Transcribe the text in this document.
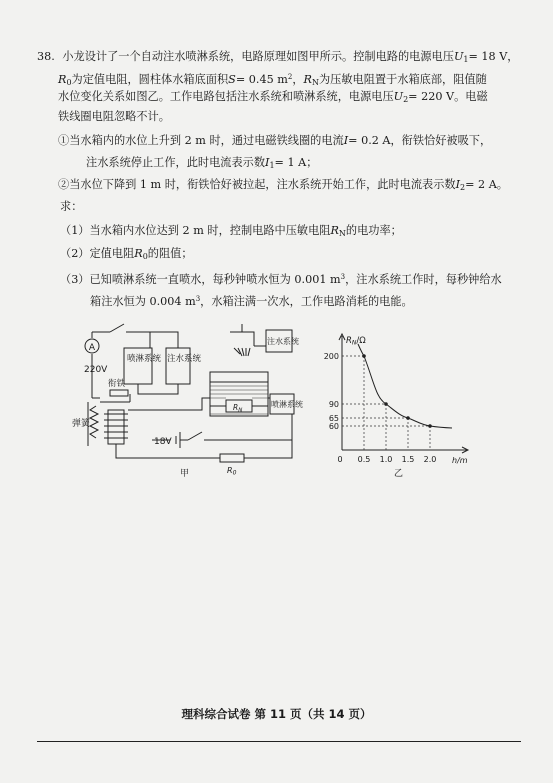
38. 小龙设计了一个自动注水喷淋系统，电路原理如图甲所示。控制电路的电源电压$U_1= 18$ V，
$R_0$为定值电阻，圆柱体水箱底面积S= 0.45 $m^2$，$R_N$为压敏电阻置于水箱底部，阻值随
水位变化关系如图乙。工作电路包括注水系统和喷淋系统，电源电压$U_2= 220$ V。电磁
铁线圈电阻忽略不计。
①当水箱内的水位上升到 2 m 时，通过电磁铁线圈的电流I= 0.2 A，衔铁恰好被吸下，
注水系统停止工作，此时电流表示数$I_1= 1$ A；
②当水位下降到 1 m 时，衔铁恰好被拉起，注水系统开始工作，此时电流表示数$I_2= 2$ A。
求：
（1）当水箱内水位达到 2 m 时，控制电路中压敏电阻$R_N$的电功率；
（2）定值电阻$R_0$的阻值；
（3）已知喷淋系统一直喷水，每秒钟喷水恒为 0.001 $m^3$，注水系统工作时，每秒钟给水
箱注水恒为 0.004 $m^3$，水箱注满一次水，工作电路消耗的电能。
A
220V
喷淋系统 注水系统
注水系统
喷淋系统
衔铁
弹簧
18V
$R_N$
R0
甲
0 0.5 1.0 1.5 2.0
200
90
65
60
RN/Ω
h/m
乙
理科综合试卷 第 11 页（共 14 页）
